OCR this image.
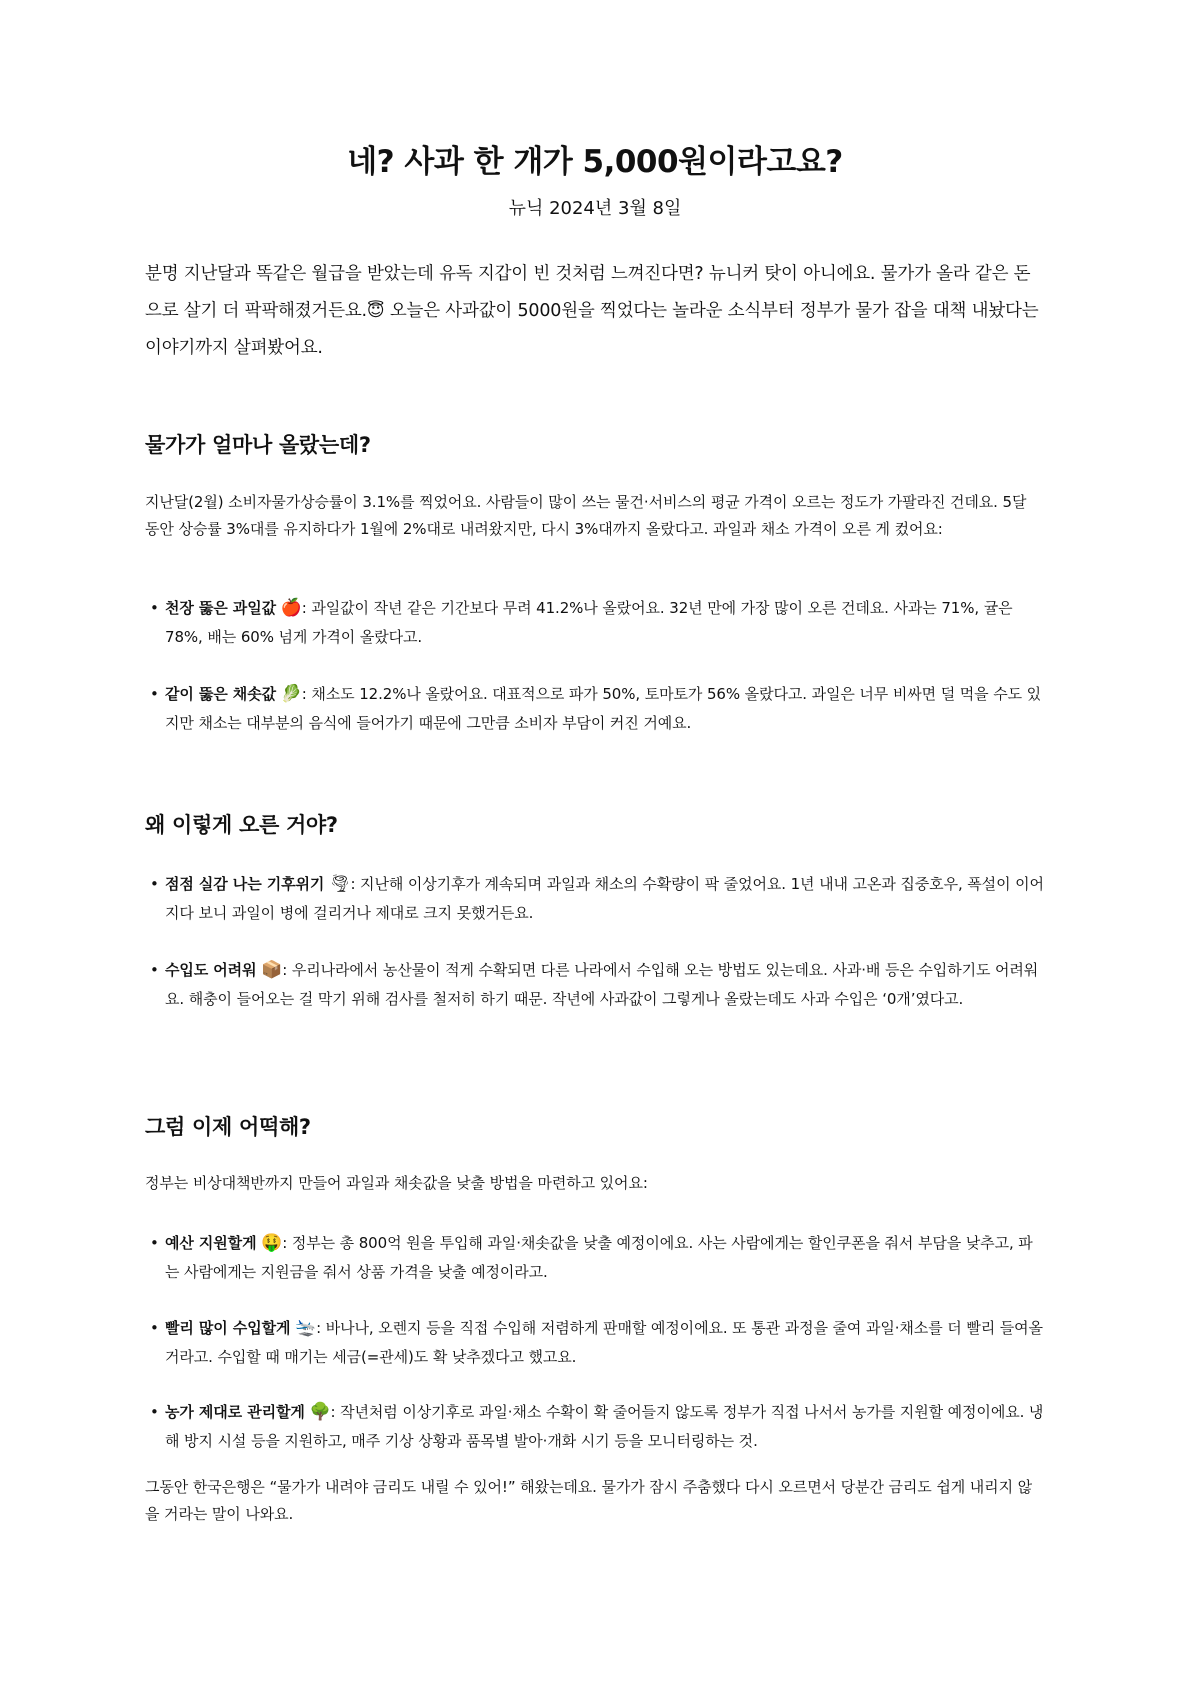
네? 사과 한 개가 5,000원이라고요?
뉴닉 2024년 3월 8일
분명 지난달과 똑같은 월급을 받았는데 유독 지갑이 빈 것처럼 느껴진다면? 뉴니커 탓이 아니에요. 물가가 올라 같은 돈으로 살기 더 팍팍해졌거든요.😇 오늘은 사과값이 5000원을 찍었다는 놀라운 소식부터 정부가 물가 잡을 대책 내놨다는 이야기까지 살펴봤어요.
물가가 얼마나 올랐는데?
지난달(2월) 소비자물가상승률이 3.1%를 찍었어요. 사람들이 많이 쓰는 물건·서비스의 평균 가격이 오르는 정도가 가팔라진 건데요. 5달 동안 상승률 3%대를 유지하다가 1월에 2%대로 내려왔지만, 다시 3%대까지 올랐다고. 과일과 채소 가격이 오른 게 컸어요:
• 천장 뚫은 과일값 🍎: 과일값이 작년 같은 기간보다 무려 41.2%나 올랐어요. 32년 만에 가장 많이 오른 건데요. 사과는 71%, 귤은 78%, 배는 60% 넘게 가격이 올랐다고.
• 같이 뚫은 채솟값 🥬: 채소도 12.2%나 올랐어요. 대표적으로 파가 50%, 토마토가 56% 올랐다고. 과일은 너무 비싸면 덜 먹을 수도 있지만 채소는 대부분의 음식에 들어가기 때문에 그만큼 소비자 부담이 커진 거예요.
왜 이렇게 오른 거야?
• 점점 실감 나는 기후위기 🌪: 지난해 이상기후가 계속되며 과일과 채소의 수확량이 팍 줄었어요. 1년 내내 고온과 집중호우, 폭설이 이어지다 보니 과일이 병에 걸리거나 제대로 크지 못했거든요.
• 수입도 어려워 📦: 우리나라에서 농산물이 적게 수확되면 다른 나라에서 수입해 오는 방법도 있는데요. 사과·배 등은 수입하기도 어려워요. 해충이 들어오는 걸 막기 위해 검사를 철저히 하기 때문. 작년에 사과값이 그렇게나 올랐는데도 사과 수입은 ‘0개’였다고.
그럼 이제 어떡해?
정부는 비상대책반까지 만들어 과일과 채솟값을 낮출 방법을 마련하고 있어요:
• 예산 지원할게 🤑: 정부는 총 800억 원을 투입해 과일·채솟값을 낮출 예정이에요. 사는 사람에게는 할인쿠폰을 줘서 부담을 낮추고, 파는 사람에게는 지원금을 줘서 상품 가격을 낮출 예정이라고.
• 빨리 많이 수입할게 🛬: 바나나, 오렌지 등을 직접 수입해 저렴하게 판매할 예정이에요. 또 통관 과정을 줄여 과일·채소를 더 빨리 들여올 거라고. 수입할 때 매기는 세금(=관세)도 확 낮추겠다고 했고요.
• 농가 제대로 관리할게 🌳: 작년처럼 이상기후로 과일·채소 수확이 확 줄어들지 않도록 정부가 직접 나서서 농가를 지원할 예정이에요. 냉해 방지 시설 등을 지원하고, 매주 기상 상황과 품목별 발아·개화 시기 등을 모니터링하는 것.
그동안 한국은행은 “물가가 내려야 금리도 내릴 수 있어!” 해왔는데요. 물가가 잠시 주춤했다 다시 오르면서 당분간 금리도 쉽게 내리지 않을 거라는 말이 나와요.
